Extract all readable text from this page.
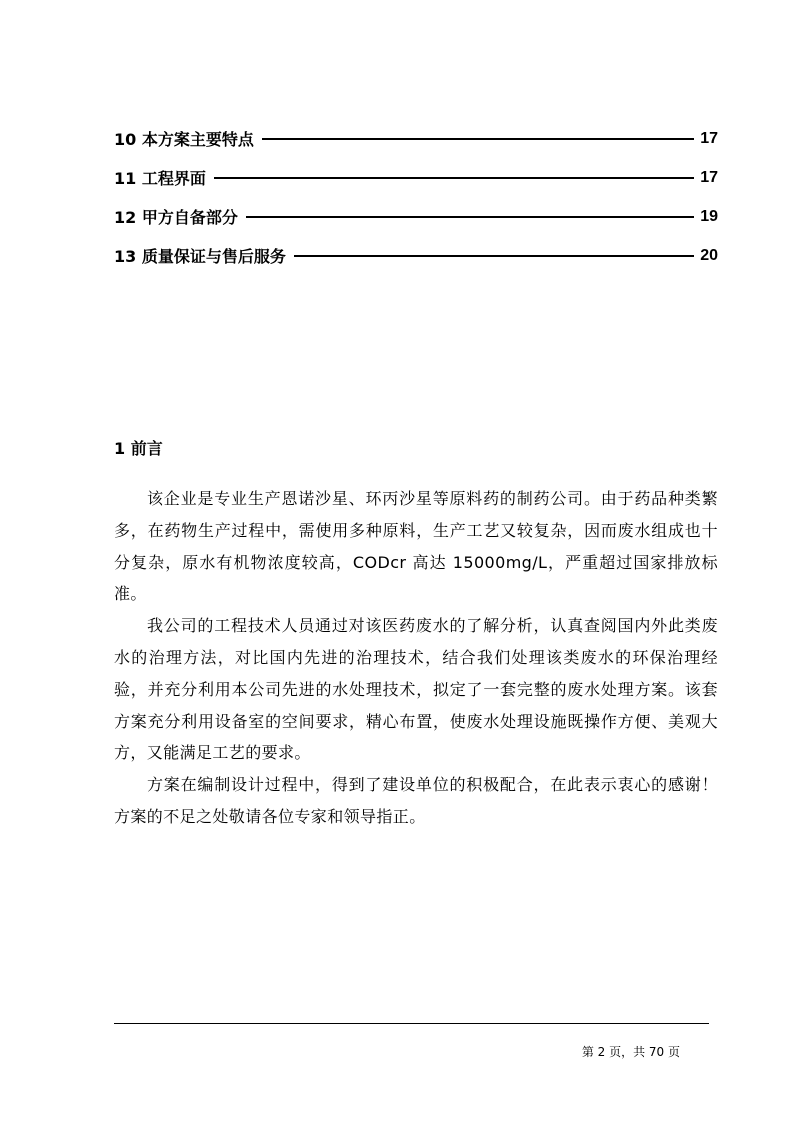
10 本方案主要特点	17
11 工程界面	17
12 甲方自备部分	19
13 质量保证与售后服务	20
1 前言

该企业是专业生产恩诺沙星、环丙沙星等原料药的制药公司。由于药品种类繁多，在药物生产过程中，需使用多种原料，生产工艺又较复杂，因而废水组成也十分复杂，原水有机物浓度较高，CODcr 高达 15000mg/L，严重超过国家排放标准。

我公司的工程技术人员通过对该医药废水的了解分析，认真查阅国内外此类废水的治理方法，对比国内先进的治理技术，结合我们处理该类废水的环保治理经验，并充分利用本公司先进的水处理技术，拟定了一套完整的废水处理方案。该套方案充分利用设备室的空间要求，精心布置，使废水处理设施既操作方便、美观大方，又能满足工艺的要求。

方案在编制设计过程中，得到了建设单位的积极配合，在此表示衷心的感谢！方案的不足之处敬请各位专家和领导指正。

第 2 页，共 70 页
